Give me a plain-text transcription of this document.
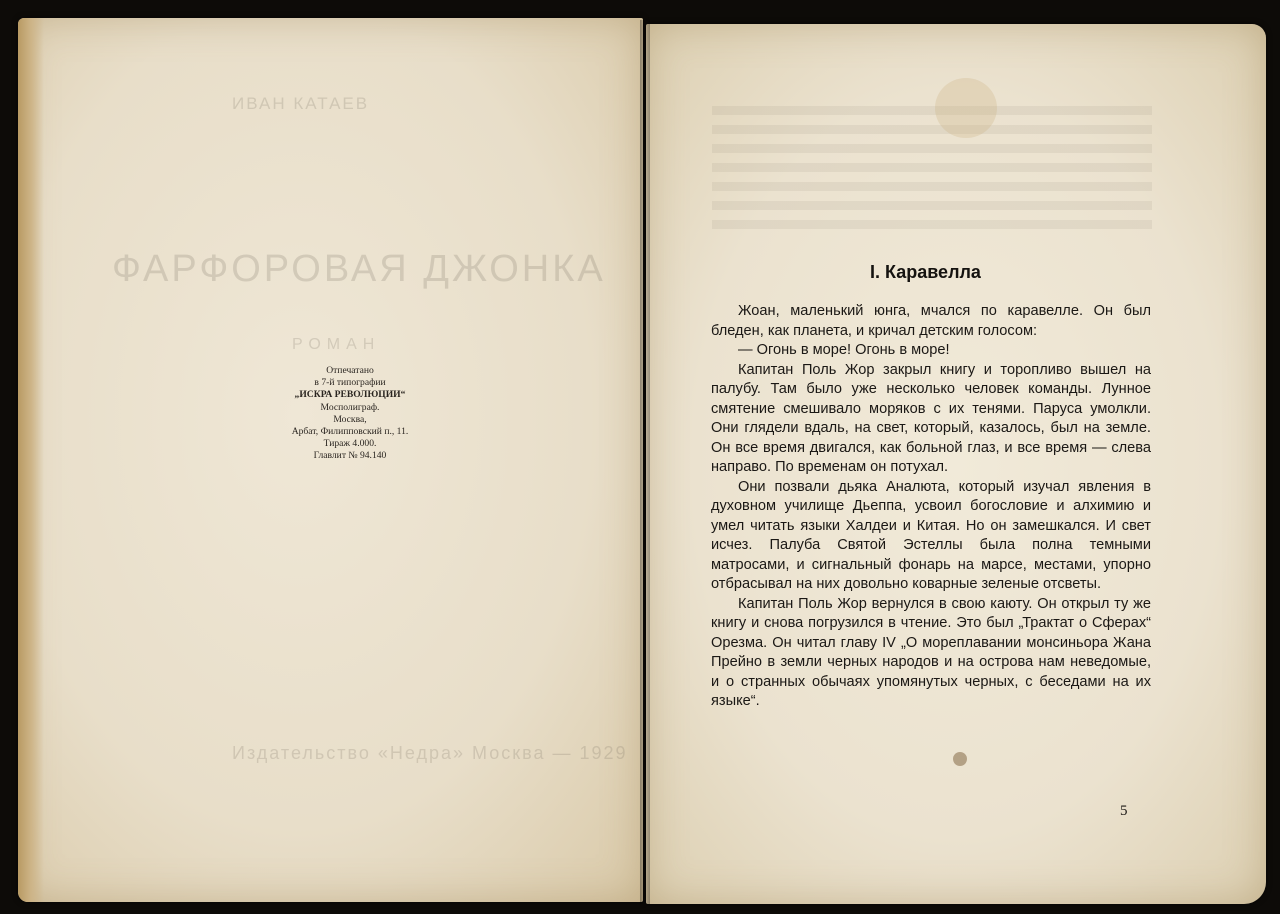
ИВАН КАТАЕВ
ФАРФОРОВАЯ ДЖОНКА
РОМАН
Издательство «Недра» Москва — 1929
Отпечатано
в 7-й типографии
„ИСКРА РЕВОЛЮЦИИ“
Мосполиграф.
Москва,
Арбат, Филипповский п., 11.
Тираж 4.000.
Главлит № 94.140
I. Каравелла

Жоан, маленький юнга, мчался по каравелле. Он был бледен, как планета, и кричал детским голосом:

— Огонь в море! Огонь в море!

Капитан Поль Жор закрыл книгу и торопливо вышел на палубу. Там было уже несколько человек команды. Лунное смятение смешивало моряков с их тенями. Паруса умолкли. Они глядели вдаль, на свет, который, казалось, был на земле. Он все время двигался, как больной глаз, и все время — слева направо. По временам он потухал.

Они позвали дьяка Аналюта, который изучал явления в духовном училище Дьеппа, усвоил богословие и алхимию и умел читать языки Халдеи и Китая. Но он замешкался. И свет исчез. Палуба Святой Эстеллы была полна темными матросами, и сигнальный фонарь на марсе, местами, упорно отбрасывал на них довольно коварные зеленые отсветы.

Капитан Поль Жор вернулся в свою каюту. Он открыл ту же книгу и снова погрузился в чтение. Это был „Трактат о Сферах“ Орезма. Он читал главу IV „О мореплавании монсиньора Жана Прейно в земли черных народов и на острова нам неведомые, и о странных обычаях упомянутых черных, с беседами на их языке“.

5
